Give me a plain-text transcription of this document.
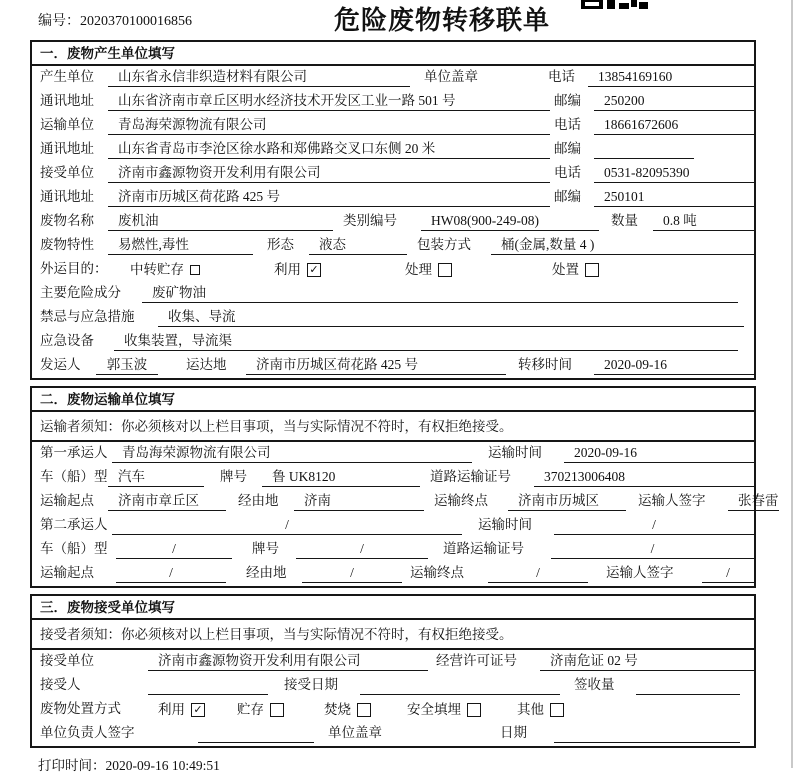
编号：2020370100016856	危险废物转移联单
一．废物产生单位填写
产生单位	山东省永信非织造材料有限公司	单位盖章	电话	13854169160
通讯地址	山东省济南市章丘区明水经济技术开发区工业一路 501 号	邮编	250200
运输单位	青岛海荣源物流有限公司	电话	18661672606
通讯地址	山东省青岛市李沧区徐水路和郑佛路交叉口东侧 20 米	邮编
接受单位	济南市鑫源物资开发利用有限公司	电话	0531-82095390
通讯地址	济南市历城区荷花路 425 号	邮编	250101
废物名称	废机油	类别编号	HW08(900-249-08)	数量	0.8 吨
废物特性	易燃性,毒性	形态	液态	包装方式	桶(金属,数量 4 )
外运目的：	中转贮存	利用 ✓	处理	处置
主要危险成分	废矿物油
禁忌与应急措施	收集、导流
应急设备	收集装置，导流渠
发运人	郭玉波	运达地	济南市历城区荷花路 425 号	转移时间	2020-09-16
二．废物运输单位填写
运输者须知：你必须核对以上栏目事项，当与实际情况不符时，有权拒绝接受。
第一承运人	青岛海荣源物流有限公司	运输时间	2020-09-16
车（船）型 汽车	牌号	鲁 UK8120	道路运输证号	370213006408
运输起点	济南市章丘区	经由地	济南	运输终点	济南市历城区	运输人签字	张春雷
第二承运人	/	运输时间	/
车（船）型	/	牌号	/	道路运输证号	/
运输起点	/	经由地	/	运输终点	/	运输人签字	/
三．废物接受单位填写
接受者须知：你必须核对以上栏目事项，当与实际情况不符时，有权拒绝接受。
接受单位	济南市鑫源物资开发利用有限公司	经营许可证号	济南危证 02 号
接受人	接受日期	签收量
废物处置方式	利用 ✓	贮存	焚烧	安全填埋	其他
单位负责人签字	单位盖章	日期
打印时间：2020-09-16 10:49:51
